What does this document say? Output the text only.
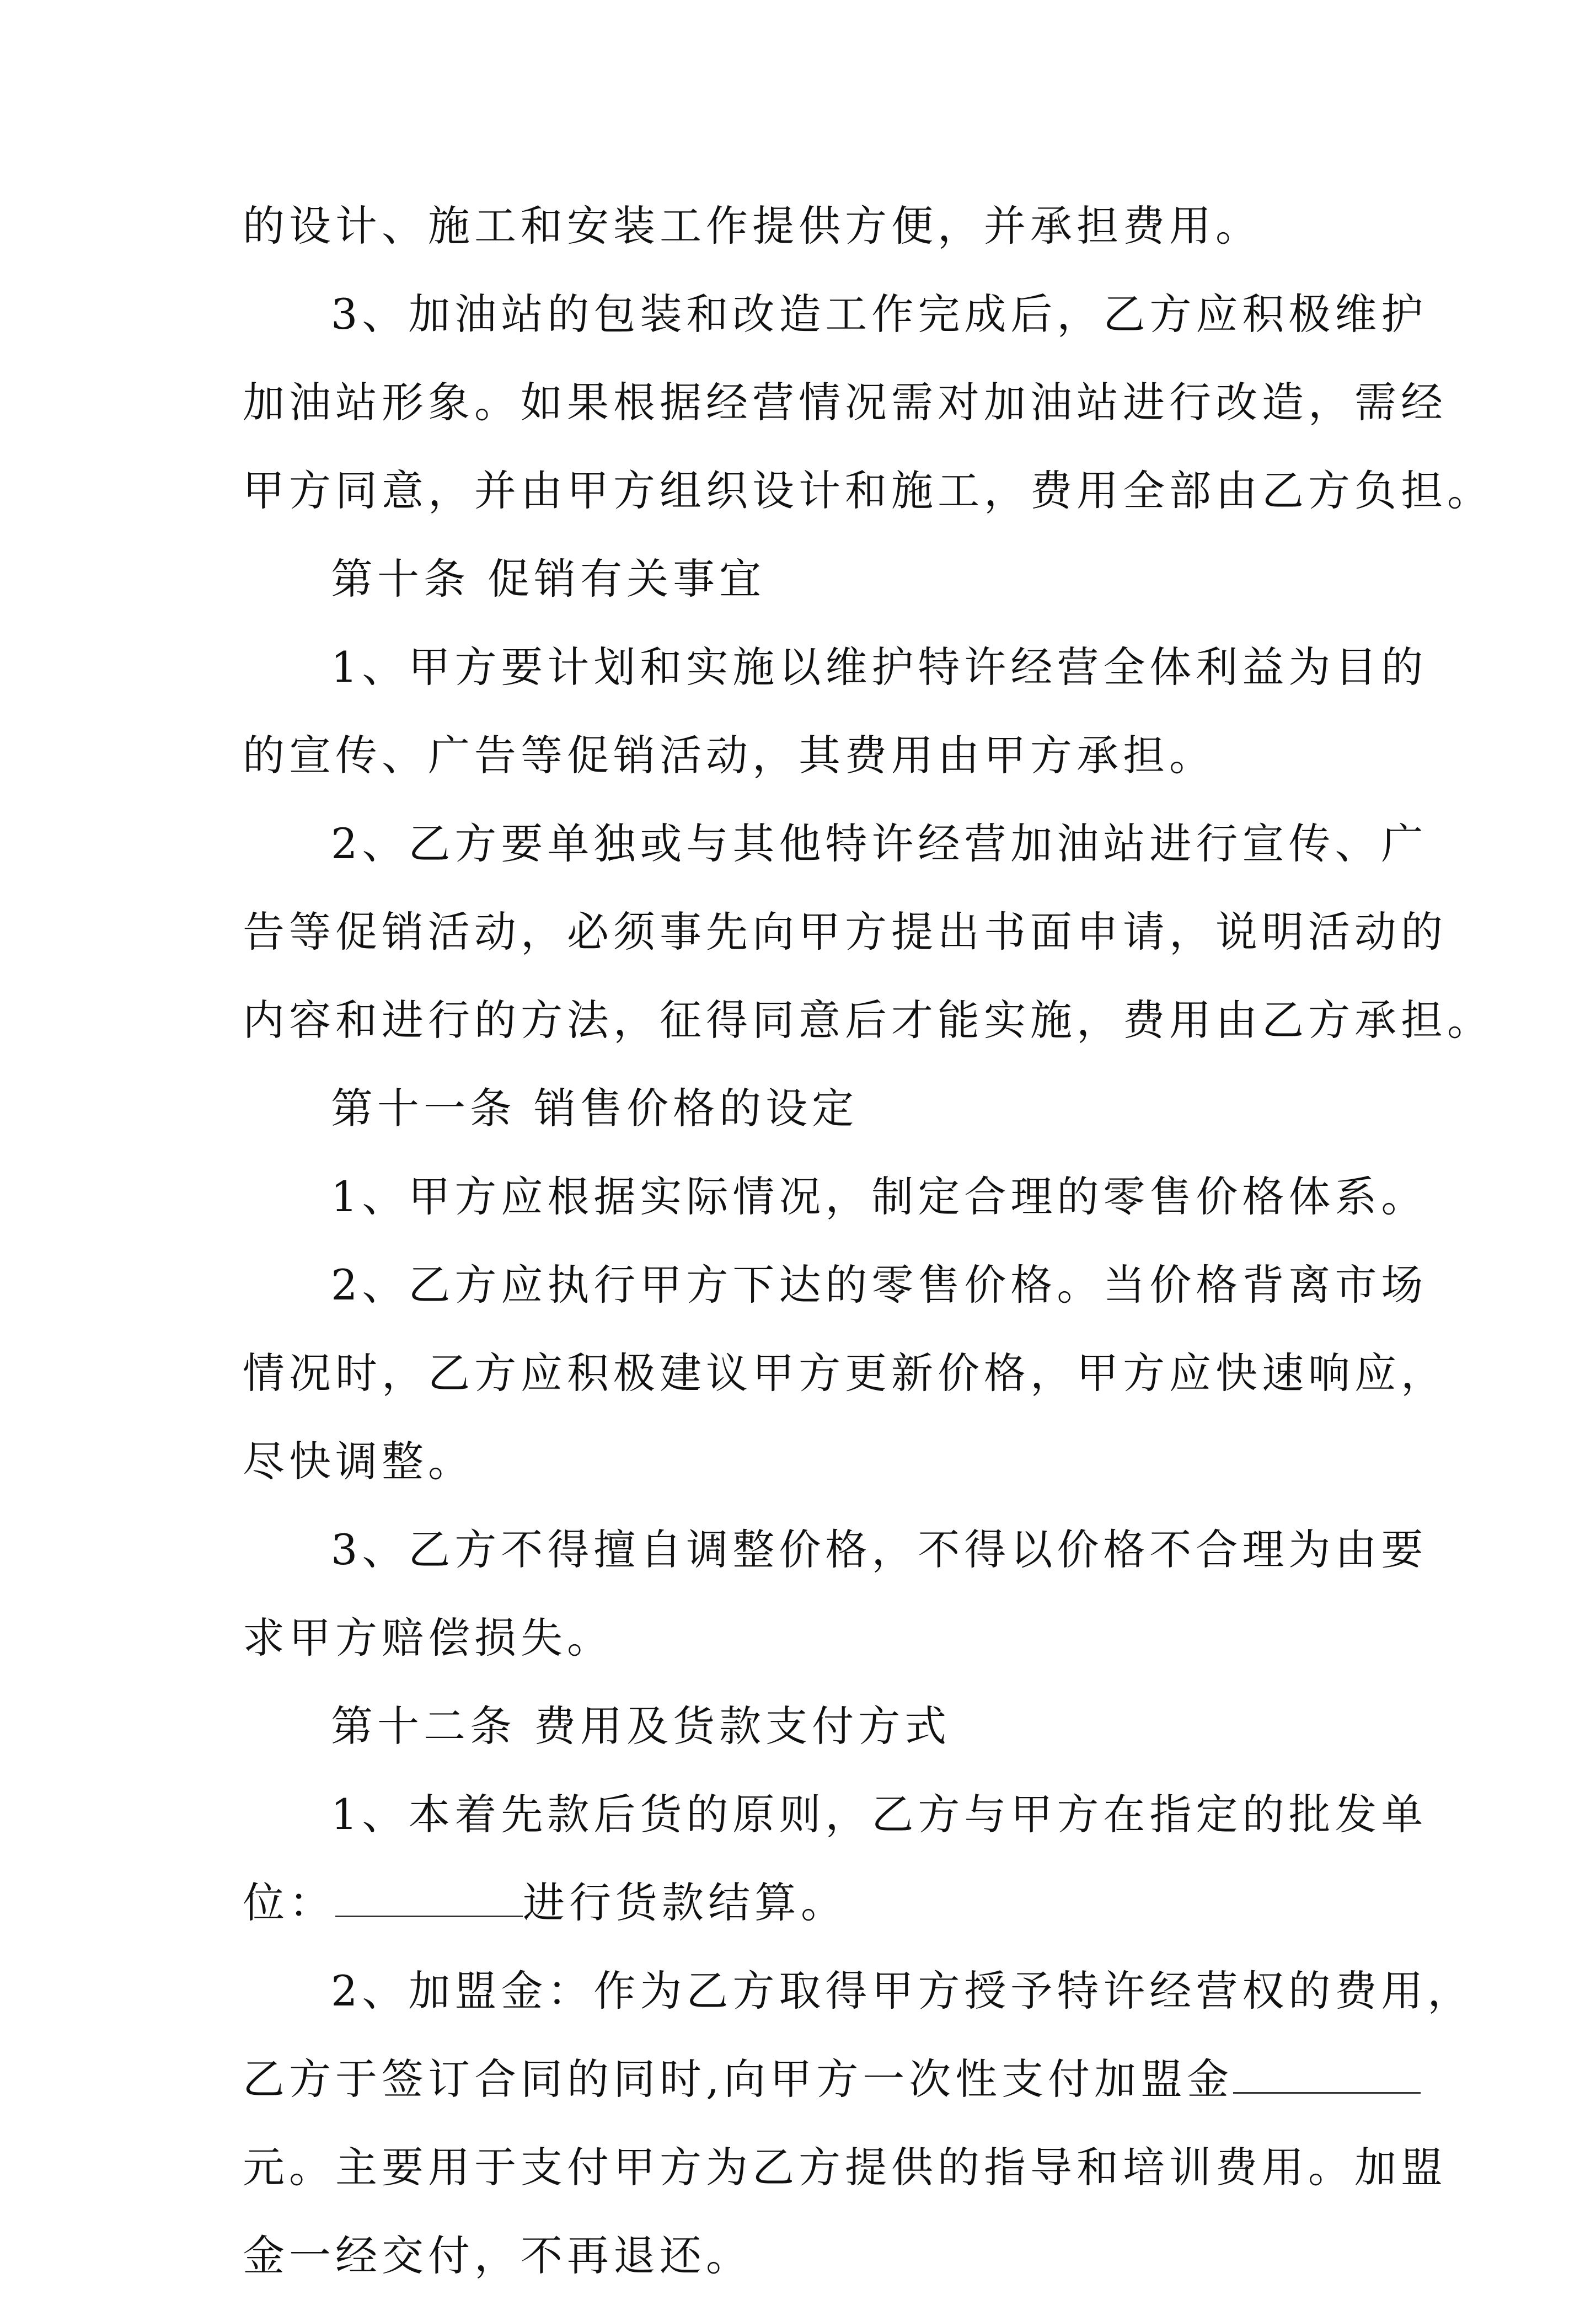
的设计、施工和安装工作提供方便，并承担费用。
3、加油站的包装和改造工作完成后，乙方应积极维护
加油站形象。如果根据经营情况需对加油站进行改造，需经
甲方同意，并由甲方组织设计和施工，费用全部由乙方负担。
第十条 促销有关事宜
1、甲方要计划和实施以维护特许经营全体利益为目的
的宣传、广告等促销活动，其费用由甲方承担。
2、乙方要单独或与其他特许经营加油站进行宣传、广
告等促销活动，必须事先向甲方提出书面申请，说明活动的
内容和进行的方法，征得同意后才能实施，费用由乙方承担。
第十一条 销售价格的设定
1、甲方应根据实际情况，制定合理的零售价格体系。
2、乙方应执行甲方下达的零售价格。当价格背离市场
情况时，乙方应积极建议甲方更新价格，甲方应快速响应，
尽快调整。
3、乙方不得擅自调整价格，不得以价格不合理为由要
求甲方赔偿损失。
第十二条 费用及货款支付方式
1、本着先款后货的原则，乙方与甲方在指定的批发单
位：	进行货款结算。
2、加盟金：作为乙方取得甲方授予特许经营权的费用，
乙方于签订合同的同时,向甲方一次性支付加盟金
元。主要用于支付甲方为乙方提供的指导和培训费用。加盟
金一经交付，不再退还。
